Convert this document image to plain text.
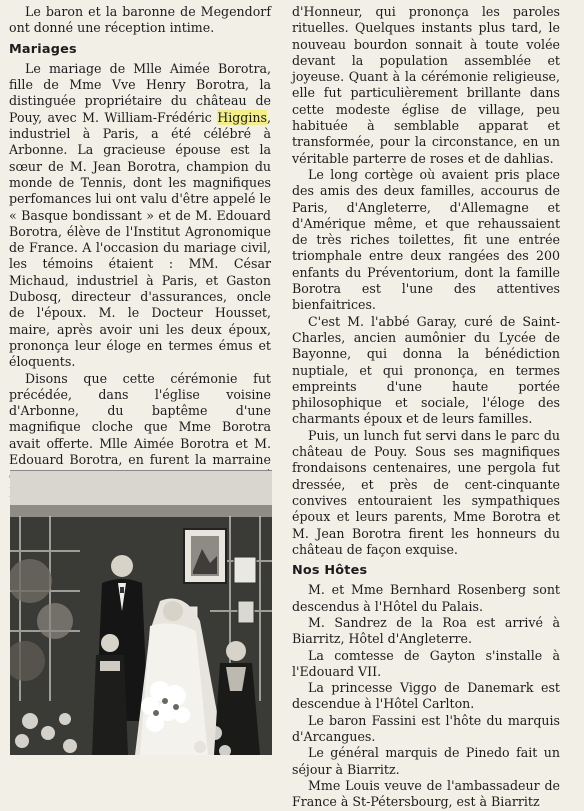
Le baron et la baronne de Megendorf ont donné une réception intime.

Mariages

Le mariage de Mlle Aimée Borotra, fille de Mme Vve Henry Borotra, la distinguée propriétaire du château de Pouy, avec M. William-Frédéric Higgins, industriel à Paris, a été célébré à Arbonne. La gracieuse épouse est la sœur de M. Jean Borotra, champion du monde de Tennis, dont les magnifiques perfomances lui ont valu d'être appelé le « Basque bondissant » et de M. Edouard Borotra, élève de l'Institut Agronomique de France. A l'occasion du mariage civil, les témoins étaient : MM. César Michaud, industriel à Paris, et Gaston Dubosq, directeur d'assurances, oncle de l'époux. M. le Docteur Housset, maire, après avoir uni les deux époux, prononça leur éloge en termes émus et éloquents.

Disons que cette cérémonie fut précédée, dans l'église voisine d'Arbonne, du baptême d'une magnifique cloche que Mme Borotra avait offerte. Mlle Aimée Borotra et M. Edouard Borotra, en furent la marraine

d'Honneur, qui prononça les paroles rituelles. Quelques instants plus tard, le nouveau bourdon sonnait à toute volée devant la population assemblée et joyeuse. Quant à la cérémonie religieuse, elle fut particulièrement brillante dans cette modeste église de village, peu habituée à semblable apparat et transformée, pour la circonstance, en un véritable parterre de roses et de dahlias.

Le long cortège où avaient pris place des amis des deux familles, accourus de Paris, d'Angleterre, d'Allemagne et d'Amérique même, et que rehaussaient de très riches toilettes, fit une entrée triomphale entre deux rangées des 200 enfants du Préventorium, dont la famille Borotra est l'une des attentives bienfaitrices.

C'est M. l'abbé Garay, curé de Saint-Charles, ancien aumônier du Lycée de Bayonne, qui donna la bénédiction nuptiale, et qui prononça, en termes empreints d'une haute portée philosophique et sociale, l'éloge des charmants époux et de leurs familles.

Puis, un lunch fut servi dans le parc du château de Pouy. Sous ses magnifiques frondaisons centenaires, une pergola fut dressée, et près de cent-cinquante convives entouraient les sympathiques époux et leurs parents, Mme Borotra et M. Jean Borotra firent les honneurs du château de façon exquise.

Nos Hôtes

M. et Mme Bernhard Rosenberg sont descendus à l'Hôtel du Palais.

M. Sandrez de la Roa est arrivé à Biarritz, Hôtel d'Angleterre.

La comtesse de Gayton s'installe à l'Edouard VII.

La princesse Viggo de Danemark est descendue à l'Hôtel Carlton.

Le baron Fassini est l'hôte du marquis d'Arcangues.

Le général marquis de Pinedo fait un séjour à Biarritz.

Mme Louis veuve de l'ambassadeur de France à St-Pétersbourg, est à Biarritz
